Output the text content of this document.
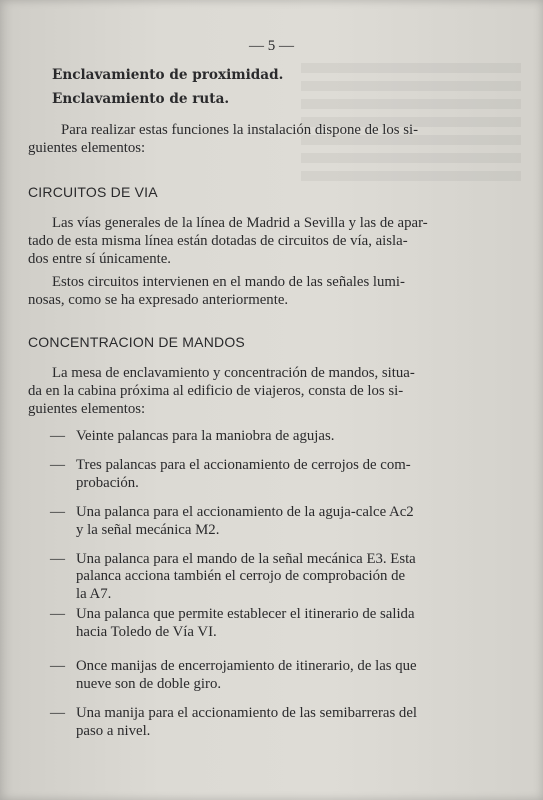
— 5 —
Enclavamiento de proximidad.
Enclavamiento de ruta.
Para realizar estas funciones la instalación dispone de los si-
guientes elementos:
CIRCUITOS DE VIA
Las vías generales de la línea de Madrid a Sevilla y las de apar-
tado de esta misma línea están dotadas de circuitos de vía, aisla-
dos entre sí únicamente.
Estos circuitos intervienen en el mando de las señales lumi-
nosas, como se ha expresado anteriormente.
CONCENTRACION DE MANDOS
La mesa de enclavamiento y concentración de mandos, situa-
da en la cabina próxima al edificio de viajeros, consta de los si-
guientes elementos:
— Veinte palancas para la maniobra de agujas.
— Tres palancas para el accionamiento de cerrojos de com-
probación.
— Una palanca para el accionamiento de la aguja-calce Ac2
y la señal mecánica M2.
— Una palanca para el mando de la señal mecánica E3. Esta
palanca acciona también el cerrojo de comprobación de
la A7.
— Una palanca que permite establecer el itinerario de salida
hacia Toledo de Vía VI.
— Once manijas de encerrojamiento de itinerario, de las que
nueve son de doble giro.
— Una manija para el accionamiento de las semibarreras del
paso a nivel.
